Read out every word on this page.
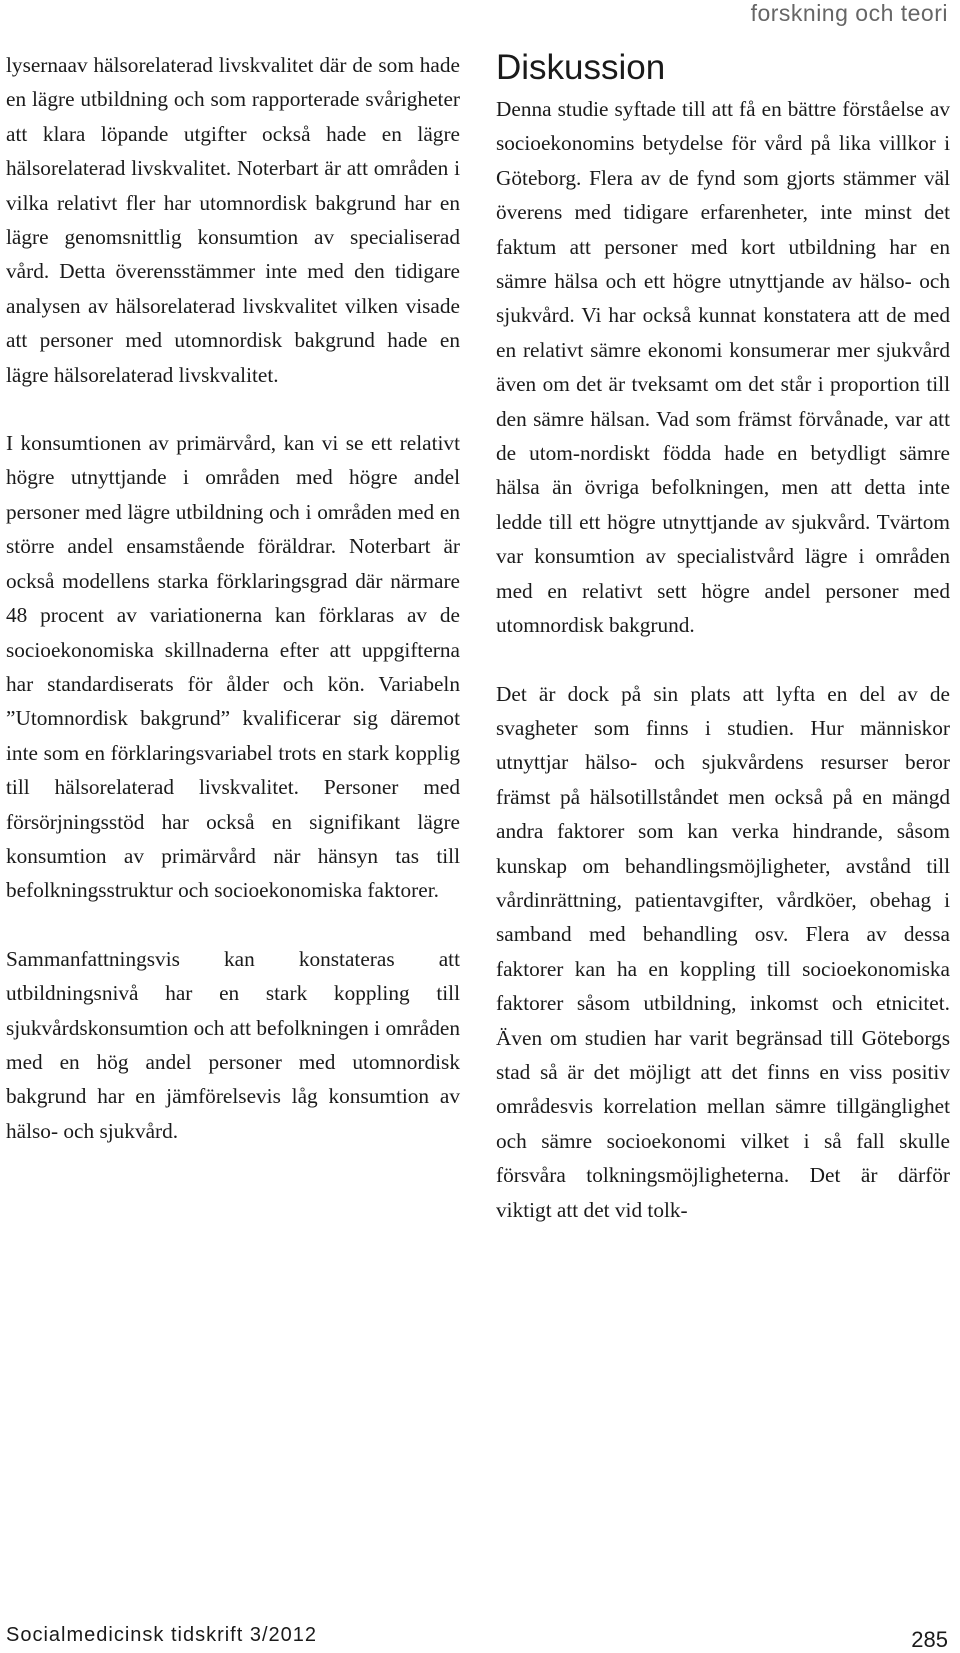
forskning och teori

lysernaav hälsorelaterad livskvalitet där de som hade en lägre utbildning och som rapporterade svårigheter att klara löpande utgifter också hade en lägre hälsorelaterad livskvalitet. Noterbart är att områden i vilka relativt fler har utomnordisk bakgrund har en lägre genomsnittlig konsumtion av specialiserad vård. Detta överensstämmer inte med den tidigare analysen av hälsorelaterad livskvalitet vilken visade att personer med utomnordisk bakgrund hade en lägre hälsorelaterad livskvalitet.

I konsumtionen av primärvård, kan vi se ett relativt högre utnyttjande i områden med högre andel personer med lägre utbildning och i områden med en större andel ensamstående föräldrar. Noterbart är också modellens starka förklaringsgrad där närmare 48 procent av variationerna kan förklaras av de socioekonomiska skillnaderna efter att uppgifterna har standardiserats för ålder och kön. Variabeln ”Utomnordisk bakgrund” kvalificerar sig däremot inte som en förklaringsvariabel trots en stark kopplig till hälsorelaterad livskvalitet. Personer med försörjningsstöd har också en signifikant lägre konsumtion av primärvård när hänsyn tas till befolkningsstruktur och socioekonomiska faktorer.

Sammanfattningsvis kan konstateras att utbildningsnivå har en stark koppling till sjukvårdskonsumtion och att befolkningen i områden med en hög andel personer med utomnordisk bakgrund har en jämförelsevis låg konsumtion av hälso- och sjukvård.

Diskussion

Denna studie syftade till att få en bättre förståelse av socioekonomins betydelse för vård på lika villkor i Göteborg. Flera av de fynd som gjorts stämmer väl överens med tidigare erfarenheter, inte minst det faktum att personer med kort utbildning har en sämre hälsa och ett högre utnyttjande av hälso- och sjukvård. Vi har också kunnat konstatera att de med en relativt sämre ekonomi konsumerar mer sjukvård även om det är tveksamt om det står i proportion till den sämre hälsan. Vad som främst förvånade, var att de utom-nordiskt födda hade en betydligt sämre hälsa än övriga befolkningen, men att detta inte ledde till ett högre utnyttjande av sjukvård. Tvärtom var konsumtion av specialistvård lägre i områden med en relativt sett högre andel personer med utomnordisk bakgrund.

Det är dock på sin plats att lyfta en del av de svagheter som finns i studien. Hur människor utnyttjar hälso- och sjukvårdens resurser beror främst på hälsotillståndet men också på en mängd andra faktorer som kan verka hindrande, såsom kunskap om behandlingsmöjligheter, avstånd till vårdinrättning, patientavgifter, vårdköer, obehag i samband med behandling osv. Flera av dessa faktorer kan ha en koppling till socioekonomiska faktorer såsom utbildning, inkomst och etnicitet. Även om studien har varit begränsad till Göteborgs stad så är det möjligt att det finns en viss positiv områdesvis korrelation mellan sämre tillgänglighet och sämre socioekonomi vilket i så fall skulle försvåra tolkningsmöjligheterna. Det är därför viktigt att det vid tolk-

Socialmedicinsk tidskrift 3/2012	285
